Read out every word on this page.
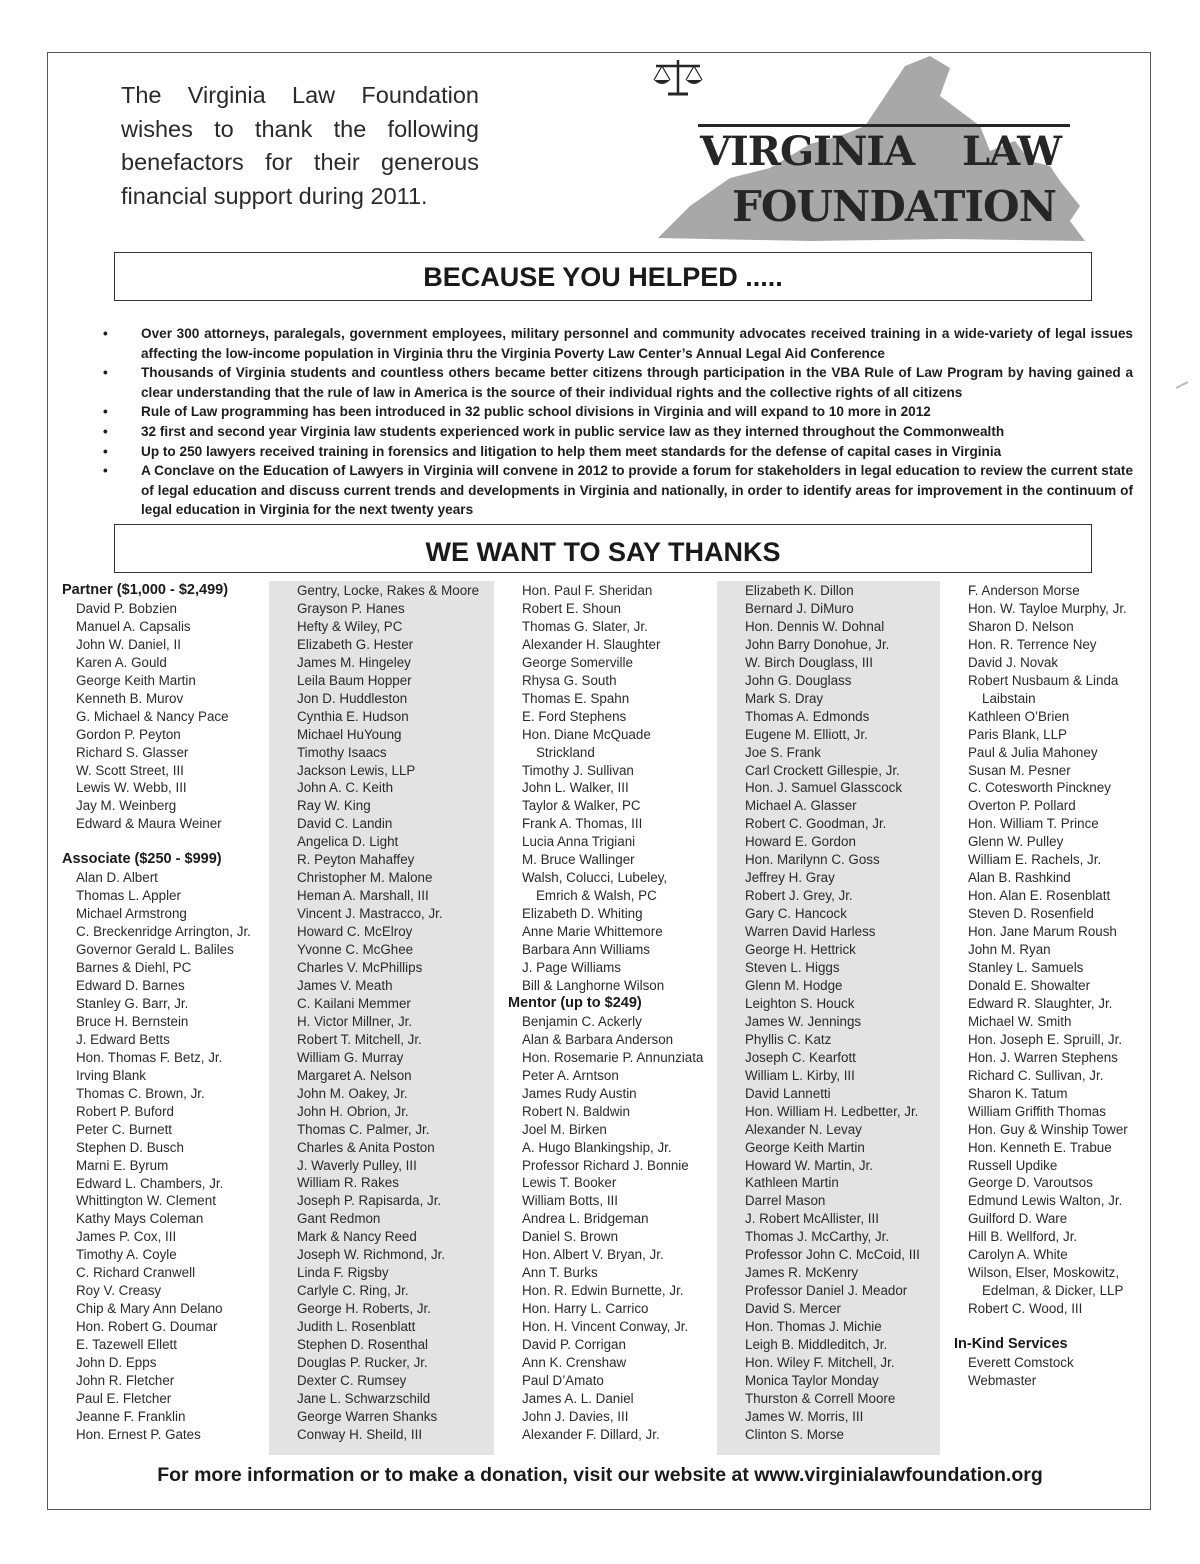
The Virginia Law Foundation wishes to thank the following benefactors for their generous financial support during 2011.
VIRGINIA LAW
FOUNDATION
BECAUSE YOU HELPED .....
• Over 300 attorneys, paralegals, government employees, military personnel and community advocates received training in a wide-variety of legal issues affecting the low-income population in Virginia thru the Virginia Poverty Law Center’s Annual Legal Aid Conference
• Thousands of Virginia students and countless others became better citizens through participation in the VBA Rule of Law Program by having gained a clear understanding that the rule of law in America is the source of their individual rights and the collective rights of all citizens
• Rule of Law programming has been introduced in 32 public school divisions in Virginia and will expand to 10 more in 2012
• 32 first and second year Virginia law students experienced work in public service law as they interned throughout the Commonwealth
• Up to 250 lawyers received training in forensics and litigation to help them meet standards for the defense of capital cases in Virginia
• A Conclave on the Education of Lawyers in Virginia will convene in 2012 to provide a forum for stakeholders in legal education to review the current state of legal education and discuss current trends and developments in Virginia and nationally, in order to identify areas for improvement in the continuum of legal education in Virginia for the next twenty years
WE WANT TO SAY THANKS
Partner ($1,000 - $2,499)
David P. Bobzien
Manuel A. Capsalis
John W. Daniel, II
Karen A. Gould
George Keith Martin
Kenneth B. Murov
G. Michael & Nancy Pace
Gordon P. Peyton
Richard S. Glasser
W. Scott Street, III
Lewis W. Webb, III
Jay M. Weinberg
Edward & Maura Weiner
Associate ($250 - $999)
Alan D. Albert
Thomas L. Appler
Michael Armstrong
C. Breckenridge Arrington, Jr.
Governor Gerald L. Baliles
Barnes & Diehl, PC
Edward D. Barnes
Stanley G. Barr, Jr.
Bruce H. Bernstein
J. Edward Betts
Hon. Thomas F. Betz, Jr.
Irving Blank
Thomas C. Brown, Jr.
Robert P. Buford
Peter C. Burnett
Stephen D. Busch
Marni E. Byrum
Edward L. Chambers, Jr.
Whittington W. Clement
Kathy Mays Coleman
James P. Cox, III
Timothy A. Coyle
C. Richard Cranwell
Roy V. Creasy
Chip & Mary Ann Delano
Hon. Robert G. Doumar
E. Tazewell Ellett
John D. Epps
John R. Fletcher
Paul E. Fletcher
Jeanne F. Franklin
Hon. Ernest P. Gates
Gentry, Locke, Rakes & Moore
Grayson P. Hanes
Hefty & Wiley, PC
Elizabeth G. Hester
James M. Hingeley
Leila Baum Hopper
Jon D. Huddleston
Cynthia E. Hudson
Michael HuYoung
Timothy Isaacs
Jackson Lewis, LLP
John A. C. Keith
Ray W. King
David C. Landin
Angelica D. Light
R. Peyton Mahaffey
Christopher M. Malone
Heman A. Marshall, III
Vincent J. Mastracco, Jr.
Howard C. McElroy
Yvonne C. McGhee
Charles V. McPhillips
James V. Meath
C. Kailani Memmer
H. Victor Millner, Jr.
Robert T. Mitchell, Jr.
William G. Murray
Margaret A. Nelson
John M. Oakey, Jr.
John H. Obrion, Jr.
Thomas C. Palmer, Jr.
Charles & Anita Poston
J. Waverly Pulley, III
William R. Rakes
Joseph P. Rapisarda, Jr.
Gant Redmon
Mark & Nancy Reed
Joseph W. Richmond, Jr.
Linda F. Rigsby
Carlyle C. Ring, Jr.
George H. Roberts, Jr.
Judith L. Rosenblatt
Stephen D. Rosenthal
Douglas P. Rucker, Jr.
Dexter C. Rumsey
Jane L. Schwarzschild
George Warren Shanks
Conway H. Sheild, III
Hon. Paul F. Sheridan
Robert E. Shoun
Thomas G. Slater, Jr.
Alexander H. Slaughter
George Somerville
Rhysa G. South
Thomas E. Spahn
E. Ford Stephens
Hon. Diane McQuade
Strickland
Timothy J. Sullivan
John L. Walker, III
Taylor & Walker, PC
Frank A. Thomas, III
Lucia Anna Trigiani
M. Bruce Wallinger
Walsh, Colucci, Lubeley,
Emrich & Walsh, PC
Elizabeth D. Whiting
Anne Marie Whittemore
Barbara Ann Williams
J. Page Williams
Bill & Langhorne Wilson
Mentor (up to $249)
Benjamin C. Ackerly
Alan & Barbara Anderson
Hon. Rosemarie P. Annunziata
Peter A. Arntson
James Rudy Austin
Robert N. Baldwin
Joel M. Birken
A. Hugo Blankingship, Jr.
Professor Richard J. Bonnie
Lewis T. Booker
William Botts, III
Andrea L. Bridgeman
Daniel S. Brown
Hon. Albert V. Bryan, Jr.
Ann T. Burks
Hon. R. Edwin Burnette, Jr.
Hon. Harry L. Carrico
Hon. H. Vincent Conway, Jr.
David P. Corrigan
Ann K. Crenshaw
Paul D’Amato
James A. L. Daniel
John J. Davies, III
Alexander F. Dillard, Jr.
Elizabeth K. Dillon
Bernard J. DiMuro
Hon. Dennis W. Dohnal
John Barry Donohue, Jr.
W. Birch Douglass, III
John G. Douglass
Mark S. Dray
Thomas A. Edmonds
Eugene M. Elliott, Jr.
Joe S. Frank
Carl Crockett Gillespie, Jr.
Hon. J. Samuel Glasscock
Michael A. Glasser
Robert C. Goodman, Jr.
Howard E. Gordon
Hon. Marilynn C. Goss
Jeffrey H. Gray
Robert J. Grey, Jr.
Gary C. Hancock
Warren David Harless
George H. Hettrick
Steven L. Higgs
Glenn M. Hodge
Leighton S. Houck
James W. Jennings
Phyllis C. Katz
Joseph C. Kearfott
William L. Kirby, III
David Lannetti
Hon. William H. Ledbetter, Jr.
Alexander N. Levay
George Keith Martin
Howard W. Martin, Jr.
Kathleen Martin
Darrel Mason
J. Robert McAllister, III
Thomas J. McCarthy, Jr.
Professor John C. McCoid, III
James R. McKenry
Professor Daniel J. Meador
David S. Mercer
Hon. Thomas J. Michie
Leigh B. Middleditch, Jr.
Hon. Wiley F. Mitchell, Jr.
Monica Taylor Monday
Thurston & Correll Moore
James W. Morris, III
Clinton S. Morse
F. Anderson Morse
Hon. W. Tayloe Murphy, Jr.
Sharon D. Nelson
Hon. R. Terrence Ney
David J. Novak
Robert Nusbaum & Linda
Laibstain
Kathleen O’Brien
Paris Blank, LLP
Paul & Julia Mahoney
Susan M. Pesner
C. Cotesworth Pinckney
Overton P. Pollard
Hon. William T. Prince
Glenn W. Pulley
William E. Rachels, Jr.
Alan B. Rashkind
Hon. Alan E. Rosenblatt
Steven D. Rosenfield
Hon. Jane Marum Roush
John M. Ryan
Stanley L. Samuels
Donald E. Showalter
Edward R. Slaughter, Jr.
Michael W. Smith
Hon. Joseph E. Spruill, Jr.
Hon. J. Warren Stephens
Richard C. Sullivan, Jr.
Sharon K. Tatum
William Griffith Thomas
Hon. Guy & Winship Tower
Hon. Kenneth E. Trabue
Russell Updike
George D. Varoutsos
Edmund Lewis Walton, Jr.
Guilford D. Ware
Hill B. Wellford, Jr.
Carolyn A. White
Wilson, Elser, Moskowitz,
Edelman, & Dicker, LLP
Robert C. Wood, III
In-Kind Services
Everett Comstock
Webmaster
For more information or to make a donation, visit our website at www.virginialawfoundation.org
